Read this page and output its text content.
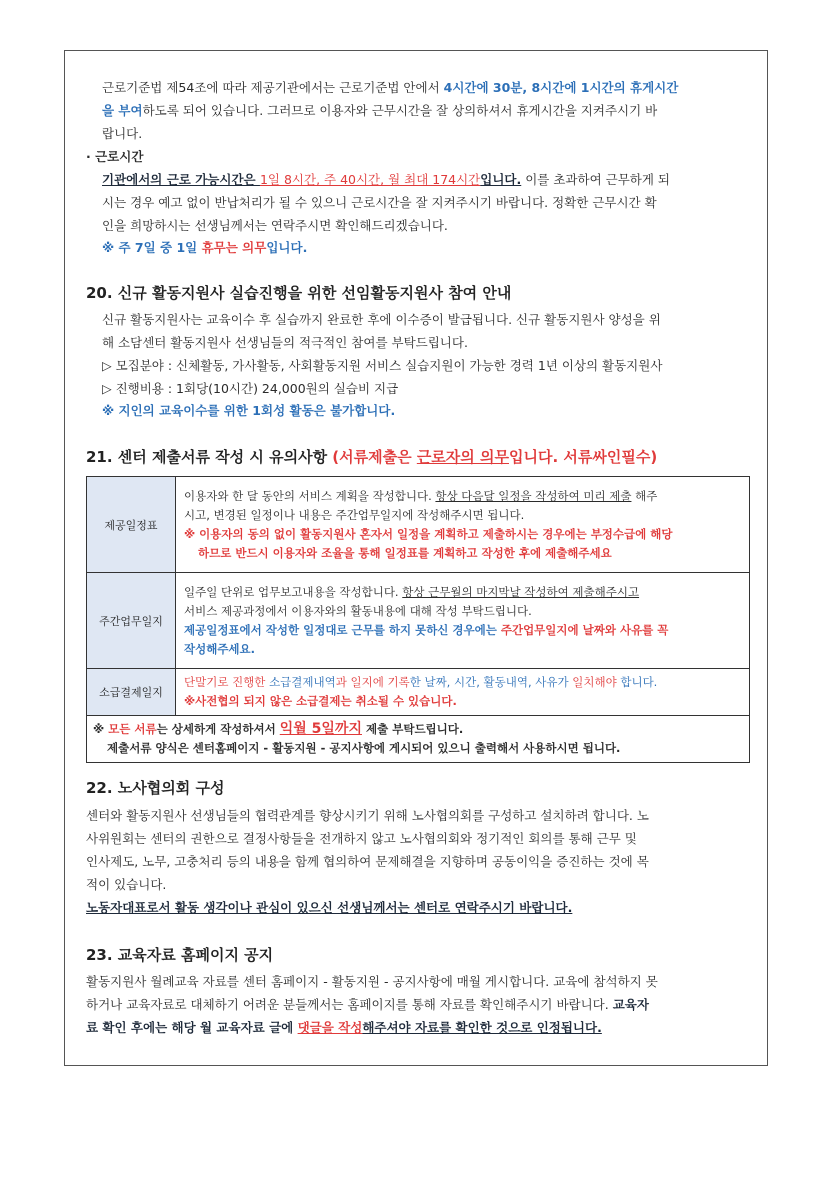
근로기준법 제54조에 따라 제공기관에서는 근로기준법 안에서 4시간에 30분, 8시간에 1시간의 휴게시간

을 부여하도록 되어 있습니다. 그러므로 이용자와 근무시간을 잘 상의하셔서 휴게시간을 지켜주시기 바

랍니다.

· 근로시간

기관에서의 근로 가능시간은 1일 8시간, 주 40시간, 월 최대 174시간입니다. 이를 초과하여 근무하게 되

시는 경우 예고 없이 반납처리가 될 수 있으니 근로시간을 잘 지켜주시기 바랍니다. 정확한 근무시간 확

인을 희망하시는 선생님께서는 연락주시면 확인해드리겠습니다.

※ 주 7일 중 1일 휴무는 의무입니다.

20. 신규 활동지원사 실습진행을 위한 선임활동지원사 참여 안내

신규 활동지원사는 교육이수 후 실습까지 완료한 후에 이수증이 발급됩니다. 신규 활동지원사 양성을 위

해 소담센터 활동지원사 선생님들의 적극적인 참여를 부탁드립니다.

▷ 모집분야 : 신체활동, 가사활동, 사회활동지원 서비스 실습지원이 가능한 경력 1년 이상의 활동지원사

▷ 진행비용 : 1회당(10시간) 24,000원의 실습비 지급

※ 지인의 교육이수를 위한 1회성 활동은 불가합니다.

21. 센터 제출서류 작성 시 유의사항 (서류제출은 근로자의 의무입니다. 서류싸인필수)
제공일정표	이용자와 한 달 동안의 서비스 계획을 작성합니다. 항상 다음달 일정을 작성하여 미리 제출 해주
시고, 변경된 일정이나 내용은 주간업무일지에 작성해주시면 됩니다.
※ 이용자의 동의 없이 활동지원사 혼자서 일정을 계획하고 제출하시는 경우에는 부정수급에 해당

하므로 반드시 이용자와 조율을 통해 일정표를 계획하고 작성한 후에 제출해주세요

주간업무일지	일주일 단위로 업무보고내용을 작성합니다. 항상 근무월의 마지막날 작성하여 제출해주시고
서비스 제공과정에서 이용자와의 활동내용에 대해 작성 부탁드립니다.
제공일정표에서 작성한 일정대로 근무를 하지 못하신 경우에는 주간업무일지에 날짜와 사유를 꼭
작성해주세요.
소급결제일지	단말기로 진행한 소급결제내역과 일지에 기록한 날짜, 시간, 활동내역, 사유가 일치해야 합니다.
※사전협의 되지 않은 소급결제는 취소될 수 있습니다.
※ 모든 서류는 상세하게 작성하셔서 익월 5일까지 제출 부탁드립니다.

제출서류 양식은 센터홈페이지 - 활동지원 - 공지사항에 게시되어 있으니 출력해서 사용하시면 됩니다.	
22. 노사협의회 구성

센터와 활동지원사 선생님들의 협력관계를 향상시키기 위해 노사협의회를 구성하고 설치하려 합니다. 노

사위원회는 센터의 권한으로 결정사항들을 전개하지 않고 노사협의회와 정기적인 회의를 통해 근무 및

인사제도, 노무, 고충처리 등의 내용을 함께 협의하여 문제해결을 지향하며 공동이익을 증진하는 것에 목

적이 있습니다.

노동자대표로서 활동 생각이나 관심이 있으신 선생님께서는 센터로 연락주시기 바랍니다.

23. 교육자료 홈페이지 공지

활동지원사 월례교육 자료를 센터 홈페이지 - 활동지원 - 공지사항에 매월 게시합니다. 교육에 참석하지 못

하거나 교육자료로 대체하기 어려운 분들께서는 홈페이지를 통해 자료를 확인해주시기 바랍니다. 교육자

료 확인 후에는 해당 월 교육자료 글에 댓글을 작성해주셔야 자료를 확인한 것으로 인정됩니다.
